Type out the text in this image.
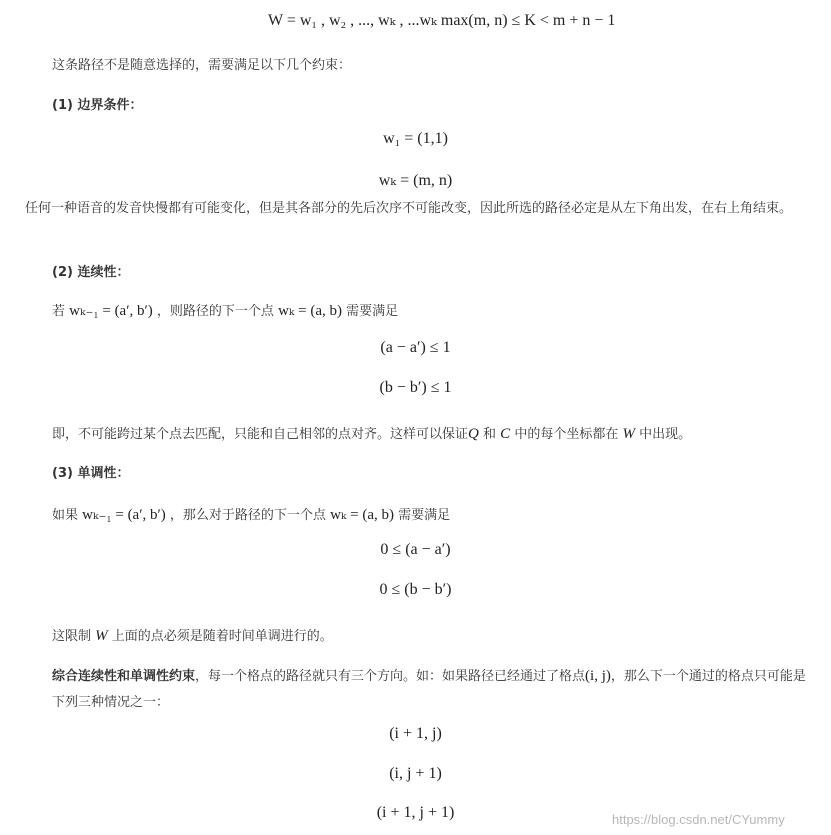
W = w₁ , w₂ , ..., wₖ , ...wₖ max(m, n) ≤ K < m + n − 1
这条路径不是随意选择的，需要满足以下几个约束：
(1) 边界条件：
w₁ = (1,1)
wₖ = (m, n)
任何一种语音的发音快慢都有可能变化，但是其各部分的先后次序不可能改变，因此所选的路径必定是从左下角出发，在右上角结束。
(2) 连续性：
若 wₖ₋₁ = (a′, b′) ，则路径的下一个点 wₖ = (a, b) 需要满足
(a − a′) ≤ 1
(b − b′) ≤ 1
即，不可能跨过某个点去匹配，只能和自己相邻的点对齐。这样可以保证Q 和 C 中的每个坐标都在 W 中出现。
(3) 单调性：
如果 wₖ₋₁ = (a′, b′) ，那么对于路径的下一个点 wₖ = (a, b) 需要满足
0 ≤ (a − a′)
0 ≤ (b − b′)
这限制 W 上面的点必须是随着时间单调进行的。
综合连续性和单调性约束，每一个格点的路径就只有三个方向。如：如果路径已经通过了格点(i, j)，那么下一个通过的格点只可能是下列三种情况之一：
(i + 1, j)
(i, j + 1)
(i + 1, j + 1)	https://blog.csdn.net/CYummy
